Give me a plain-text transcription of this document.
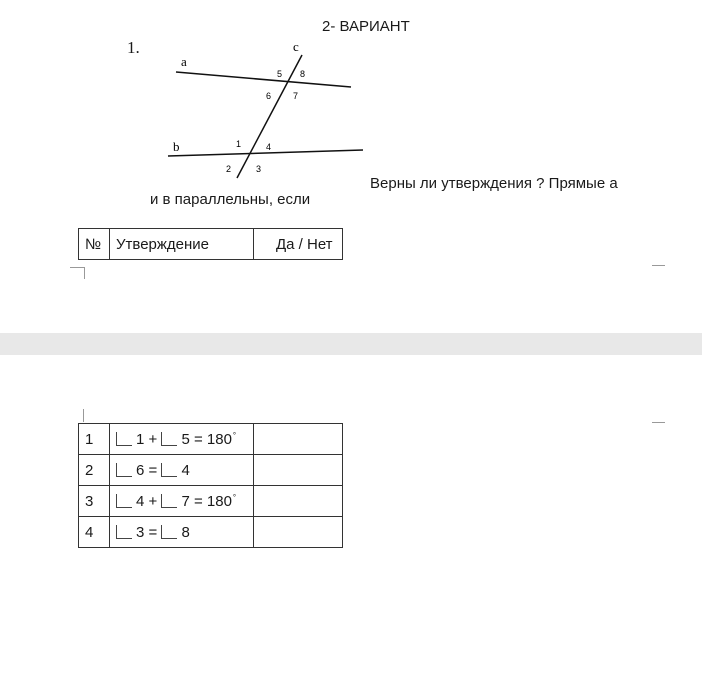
2- ВАРИАНТ
1.
a
b
c
5 8
6 7
1	4
2	3
Верны ли утверждения ? Прямые а
и в параллельны, если
№	Утверждение	Да / Нет
1	1 + 5 = 180°	
2	6 = 4	
3	4 + 7 = 180°	
4	3 = 8	
